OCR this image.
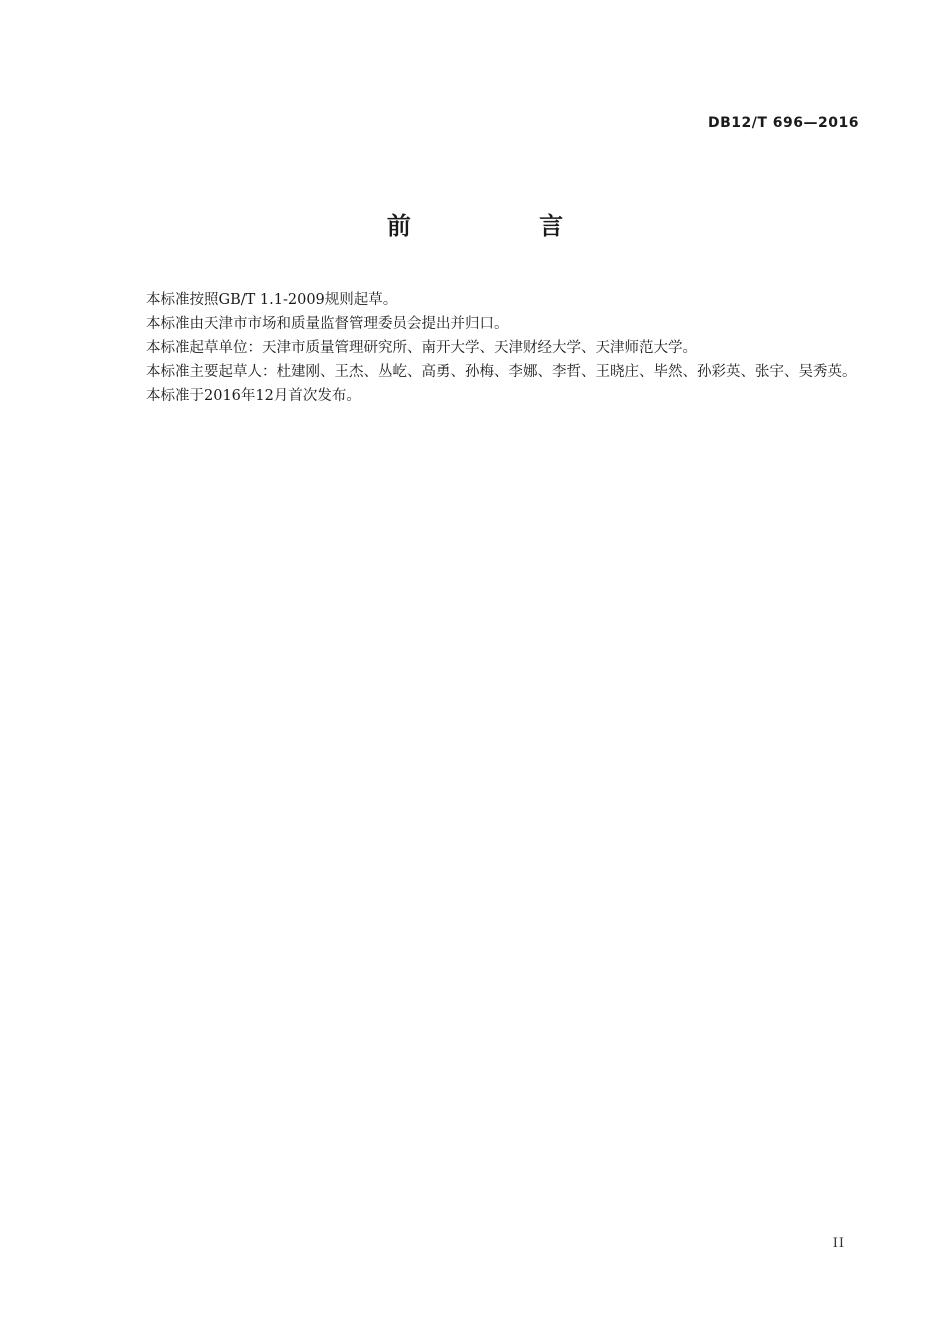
DB12/T 696—2016
前 言

本标准按照GB/T 1.1-2009规则起草。

本标准由天津市市场和质量监督管理委员会提出并归口。

本标准起草单位：天津市质量管理研究所、南开大学、天津财经大学、天津师范大学。

本标准主要起草人：杜建刚、王杰、丛屹、高勇、孙梅、李娜、李哲、王晓庄、毕然、孙彩英、张宇、吴秀英。

本标准于2016年12月首次发布。

II
